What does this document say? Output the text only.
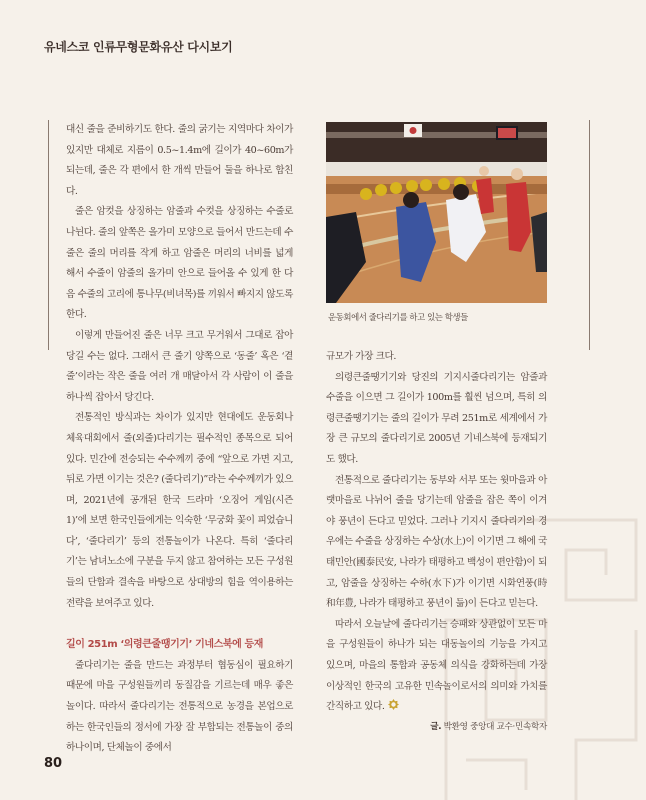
유네스코 인류무형문화유산 다시보기

대신 줄을 준비하기도 한다. 줄의 굵기는 지역마다 차이가 있지만 대체로 지름이 0.5~1.4m에 길이가 40~60m가 되는데, 줄은 각 편에서 한 개씩 만들어 둘을 하나로 합친다.

줄은 암컷을 상징하는 암줄과 수컷을 상징하는 수줄로 나뉜다. 줄의 앞쪽은 올가미 모양으로 들어서 만드는데 수줄은 줄의 머리를 작게 하고 암줄은 머리의 너비를 넓게 해서 수줄이 암줄의 올가미 안으로 들어올 수 있게 한 다음 수줄의 고리에 통나무(비녀목)를 끼워서 빠지지 않도록 한다.

이렇게 만들어진 줄은 너무 크고 무거워서 그대로 잡아당길 수는 없다. 그래서 큰 줄기 양쪽으로 ‘동줄’ 혹은 ‘곁줄’이라는 작은 줄을 여러 개 매달아서 각 사람이 이 줄을 하나씩 잡아서 당긴다.

전통적인 방식과는 차이가 있지만 현대에도 운동회나 체육대회에서 줄(외줄)다리기는 필수적인 종목으로 되어 있다. 민간에 전승되는 수수께끼 중에 “앞으로 가면 지고, 뒤로 가면 이기는 것은? (줄다리기)”라는 수수께끼가 있으며, 2021년에 공개된 한국 드라마 ‘오징어 게임(시즌 1)’에 보면 한국인들에게는 익숙한 ‘무궁화 꽃이 피었습니다’, ‘줄다리기’ 등의 전통놀이가 나온다. 특히 ‘줄다리기’는 남녀노소에 구분을 두지 않고 참여하는 모든 구성원들의 단합과 결속을 바탕으로 상대방의 힘을 역이용하는 전략을 보여주고 있다.

길이 251m ‘의령큰줄땡기기’ 기네스북에 등재

줄다리기는 줄을 만드는 과정부터 협동심이 필요하기 때문에 마을 구성원들끼리 동질감을 기르는데 매우 좋은 놀이다. 따라서 줄다리기는 전통적으로 농경을 본업으로 하는 한국인들의 정서에 가장 잘 부합되는 전통놀이 중의 하나이며, 단체놀이 중에서

운동회에서 줄다리기를 하고 있는 학생들

규모가 가장 크다.

의령큰줄땡기기와 당진의 기지시줄다리기는 암줄과 수줄을 이으면 그 길이가 100m를 훨씬 넘으며, 특히 의령큰줄땡기기는 줄의 길이가 무려 251m로 세계에서 가장 큰 규모의 줄다리기로 2005년 기네스북에 등재되기도 했다.

전통적으로 줄다리기는 동부와 서부 또는 윗마을과 아랫마을로 나뉘어 줄을 당기는데 암줄을 잡은 쪽이 이겨야 풍년이 든다고 믿었다. 그러나 기지시 줄다리기의 경우에는 수줄을 상징하는 수상(水上)이 이기면 그 해에 국태민안(國泰民安, 나라가 태평하고 백성이 편안함)이 되고, 암줄을 상징하는 수하(水下)가 이기면 시화연풍(時和年豊, 나라가 태평하고 풍년이 듦)이 든다고 믿는다.

따라서 오늘날에 줄다리기는 승패와 상관없이 모든 마을 구성원들이 하나가 되는 대동놀이의 기능을 가지고 있으며, 마을의 통합과 공동체 의식을 강화하는데 가장 이상적인 한국의 고유한 민속놀이로서의 의미와 가치를 간직하고 있다.

글. 박환영 중앙대 교수·민속학자
80
